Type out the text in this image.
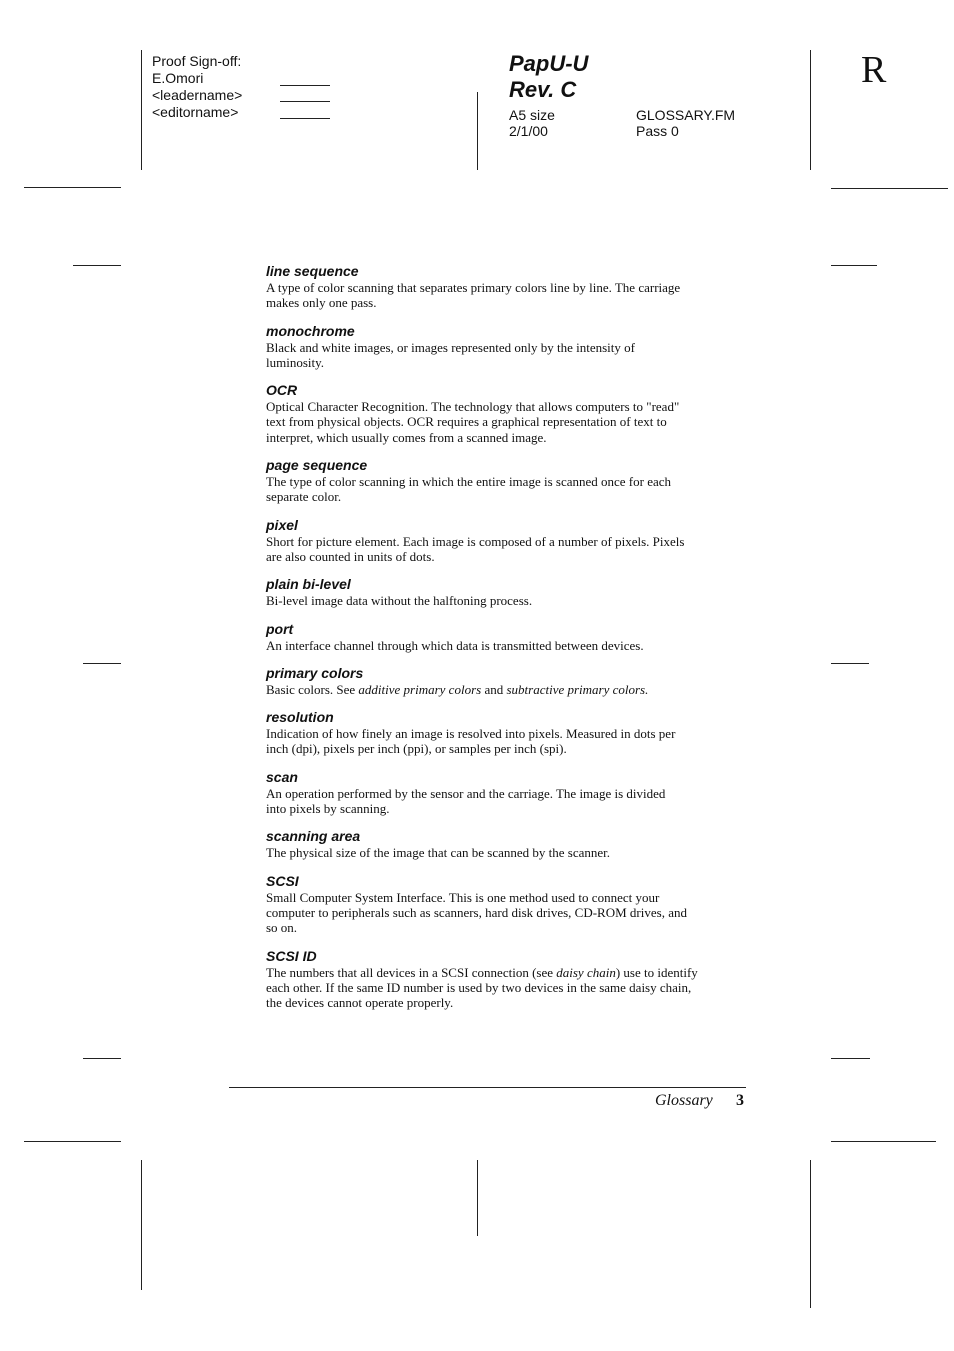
Proof Sign-off:
E.Omori
<leadername>
<editorname>
PapU-U
Rev. C
A5 size
2/1/00
GLOSSARY.FM
Pass 0
R
line sequence
A type of color scanning that separates primary colors line by line. The carriage
makes only one pass.
monochrome
Black and white images, or images represented only by the intensity of
luminosity.
OCR
Optical Character Recognition. The technology that allows computers to "read"
text from physical objects. OCR requires a graphical representation of text to
interpret, which usually comes from a scanned image.
page sequence
The type of color scanning in which the entire image is scanned once for each
separate color.
pixel
Short for picture element. Each image is composed of a number of pixels. Pixels
are also counted in units of dots.
plain bi-level
Bi-level image data without the halftoning process.
port
An interface channel through which data is transmitted between devices.
primary colors
Basic colors. See additive primary colors and subtractive primary colors.
resolution
Indication of how finely an image is resolved into pixels. Measured in dots per
inch (dpi), pixels per inch (ppi), or samples per inch (spi).
scan
An operation performed by the sensor and the carriage. The image is divided
into pixels by scanning.
scanning area
The physical size of the image that can be scanned by the scanner.
SCSI
Small Computer System Interface. This is one method used to connect your
computer to peripherals such as scanners, hard disk drives, CD-ROM drives, and
so on.
SCSI ID
The numbers that all devices in a SCSI connection (see daisy chain) use to identify
each other. If the same ID number is used by two devices in the same daisy chain,
the devices cannot operate properly.
Glossary 3
